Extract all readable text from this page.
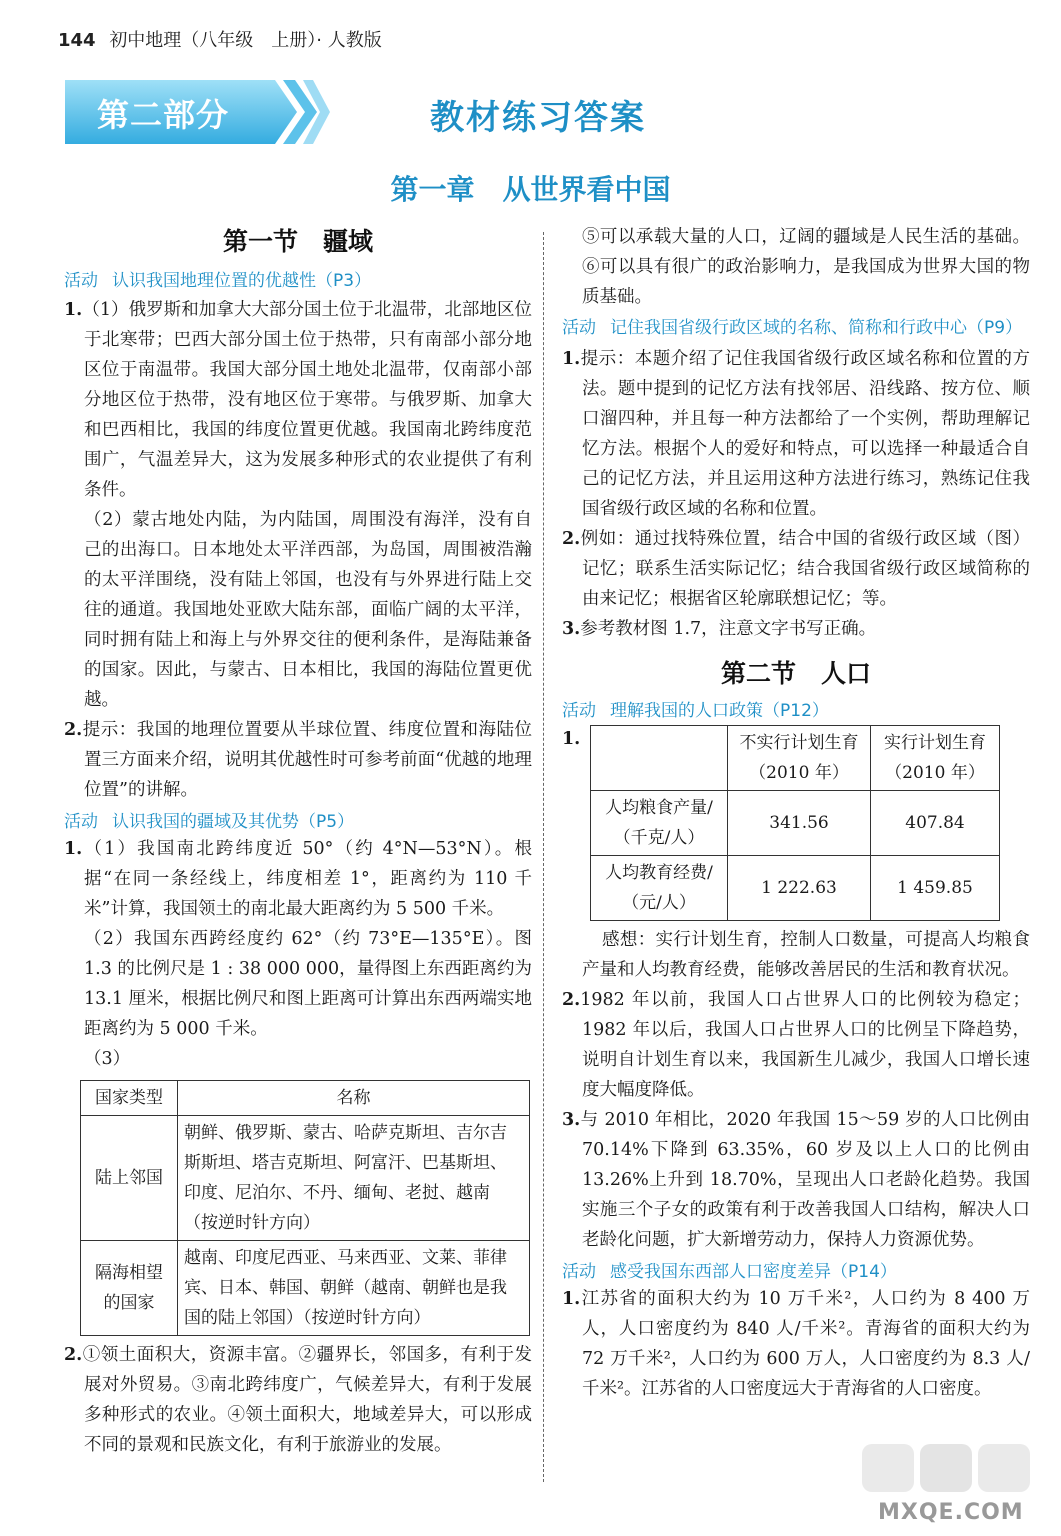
144 初中地理（八年级　上册）· 人教版
第二部分	教材练习答案
第一章　从世界看中国
第一节　疆域
活动 认识我国地理位置的优越性（P3）

1.（1）俄罗斯和加拿大大部分国土位于北温带，北部地区位于北寒带；巴西大部分国土位于热带，只有南部小部分地区位于南温带。我国大部分国土地处北温带，仅南部小部分地区位于热带，没有地区位于寒带。与俄罗斯、加拿大和巴西相比，我国的纬度位置更优越。我国南北跨纬度范围广，气温差异大，这为发展多种形式的农业提供了有利条件。

（2）蒙古地处内陆，为内陆国，周围没有海洋，没有自己的出海口。日本地处太平洋西部，为岛国，周围被浩瀚的太平洋围绕，没有陆上邻国，也没有与外界进行陆上交往的通道。我国地处亚欧大陆东部，面临广阔的太平洋，同时拥有陆上和海上与外界交往的便利条件，是海陆兼备的国家。因此，与蒙古、日本相比，我国的海陆位置更优越。

2.提示：我国的地理位置要从半球位置、纬度位置和海陆位置三方面来介绍，说明其优越性时可参考前面“优越的地理位置”的讲解。

活动 认识我国的疆域及其优势（P5）

1.（1）我国南北跨纬度近 50°（约 4°N—53°N）。根据“在同一条经线上，纬度相差 1°，距离约为 110 千米”计算，我国领土的南北最大距离约为 5 500 千米。

（2）我国东西跨经度约 62°（约 73°E—135°E）。图 1.3 的比例尺是 1 : 38 000 000，量得图上东西距离约为 13.1 厘米，根据比例尺和图上距离可计算出东西两端实地距离约为 5 000 千米。

（3）

国家类型	名称
陆上邻国	朝鲜、俄罗斯、蒙古、哈萨克斯坦、吉尔吉斯斯坦、塔吉克斯坦、阿富汗、巴基斯坦、印度、尼泊尔、不丹、缅甸、老挝、越南（按逆时针方向）
隔海相望的国家	越南、印度尼西亚、马来西亚、文莱、菲律宾、日本、韩国、朝鲜（越南、朝鲜也是我国的陆上邻国）（按逆时针方向）

2.①领土面积大，资源丰富。②疆界长，邻国多，有利于发展对外贸易。③南北跨纬度广，气候差异大，有利于发展多种形式的农业。④领土面积大，地域差异大，可以形成不同的景观和民族文化，有利于旅游业的发展。

⑤可以承载大量的人口，辽阔的疆域是人民生活的基础。⑥可以具有很广的政治影响力，是我国成为世界大国的物质基础。

活动 记住我国省级行政区域的名称、简称和行政中心（P9）

1.提示：本题介绍了记住我国省级行政区域名称和位置的方法。题中提到的记忆方法有找邻居、沿线路、按方位、顺口溜四种，并且每一种方法都给了一个实例，帮助理解记忆方法。根据个人的爱好和特点，可以选择一种最适合自己的记忆方法，并且运用这种方法进行练习，熟练记住我国省级行政区域的名称和位置。

2.例如：通过找特殊位置，结合中国的省级行政区域（图）记忆；联系生活实际记忆；结合我国省级行政区域简称的由来记忆；根据省区轮廓联想记忆；等。

3.参考教材图 1.7，注意文字书写正确。

第二节　人口
活动 理解我国的人口政策（P12）
1.
		不实行计划生育（2010 年）	实行计划生育（2010 年）
人均粮食产量/（千克/人）	341.56	407.84
人均教育经费/（元/人）	1 222.63	1 459.85

感想：实行计划生育，控制人口数量，可提高人均粮食产量和人均教育经费，能够改善居民的生活和教育状况。

2.1982 年以前，我国人口占世界人口的比例较为稳定；1982 年以后，我国人口占世界人口的比例呈下降趋势，说明自计划生育以来，我国新生儿减少，我国人口增长速度大幅度降低。

3.与 2010 年相比，2020 年我国 15～59 岁的人口比例由 70.14%下降到 63.35%，60 岁及以上人口的比例由 13.26%上升到 18.70%，呈现出人口老龄化趋势。我国实施三个子女的政策有利于改善我国人口结构，解决人口老龄化问题，扩大新增劳动力，保持人力资源优势。

活动 感受我国东西部人口密度差异（P14）

1.江苏省的面积大约为 10 万千米²，人口约为 8 400 万人，人口密度约为 840 人/千米²。青海省的面积大约为 72 万千米²，人口约为 600 万人，人口密度约为 8.3 人/千米²。江苏省的人口密度远大于青海省的人口密度。

MXQE.COM
